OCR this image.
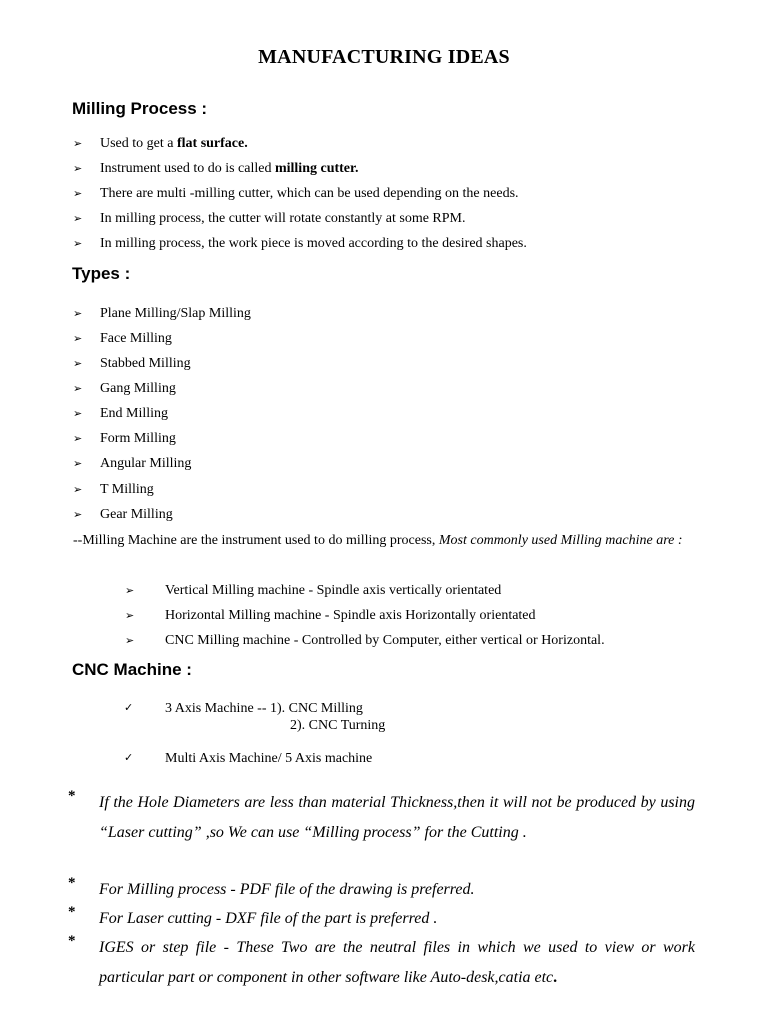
MANUFACTURING IDEAS
Milling Process :
➢ Used to get a flat surface.
➢ Instrument used to do is called milling cutter.
➢ There are multi -milling cutter, which can be used depending on the needs.
➢ In milling process, the cutter will rotate constantly at some RPM.
➢ In milling process, the work piece is moved according to the desired shapes.
Types :
➢ Plane Milling/Slap Milling
➢ Face Milling
➢ Stabbed Milling
➢ Gang Milling
➢ End Milling
➢ Form Milling
➢ Angular Milling
➢ T Milling
➢ Gear Milling
--Milling Machine are the instrument used to do milling process, Most commonly used Milling machine are :
➢ Vertical Milling machine - Spindle axis vertically orientated
➢ Horizontal Milling machine - Spindle axis Horizontally orientated
➢ CNC Milling machine - Controlled by Computer, either vertical or Horizontal.
CNC Machine :
✓ 3 Axis Machine -- 1). CNC Milling
2). CNC Turning
✓ Multi Axis Machine/ 5 Axis machine
* If the Hole Diameters are less than material Thickness,then it will not be produced by using “Laser cutting” ,so We can use “Milling process” for the Cutting .
* For Milling process - PDF file of the drawing is preferred.
* For Laser cutting - DXF file of the part is preferred .
* IGES or step file - These Two are the neutral files in which we used to view or work particular part or component in other software like Auto-desk,catia etc.
